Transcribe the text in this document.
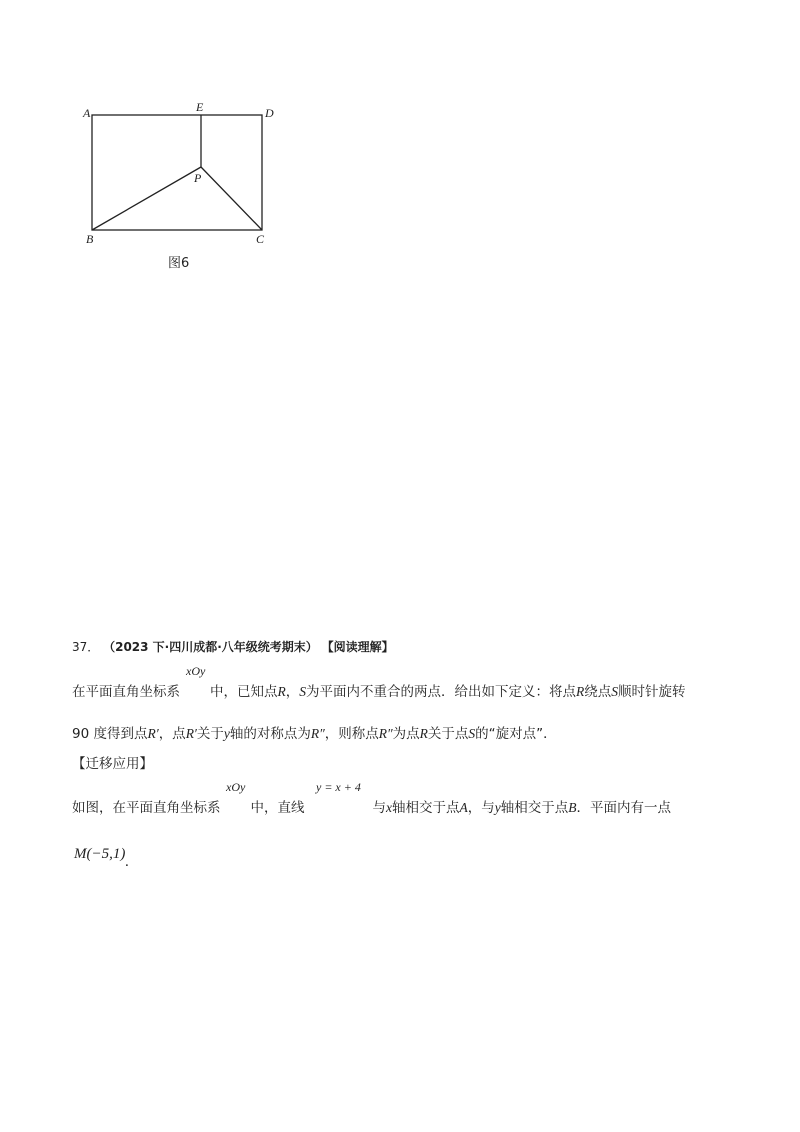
A	E	D
P
B	C
图6
37． （2023 下·四川成都·八年级统考期末） 【阅读理解】
xOy
在平面直角坐标系 中，已知点R，S为平面内不重合的两点．给出如下定义：将点R绕点S顺时针旋转
90 度得到点R′，点R′关于y轴的对称点为R″，则称点R″为点R关于点S的“旋对点”．
【迁移应用】
xOy	y = x + 4
如图，在平面直角坐标系 中，直线	与x轴相交于点A，与y轴相交于点B．平面内有一点
M(−5,1).
